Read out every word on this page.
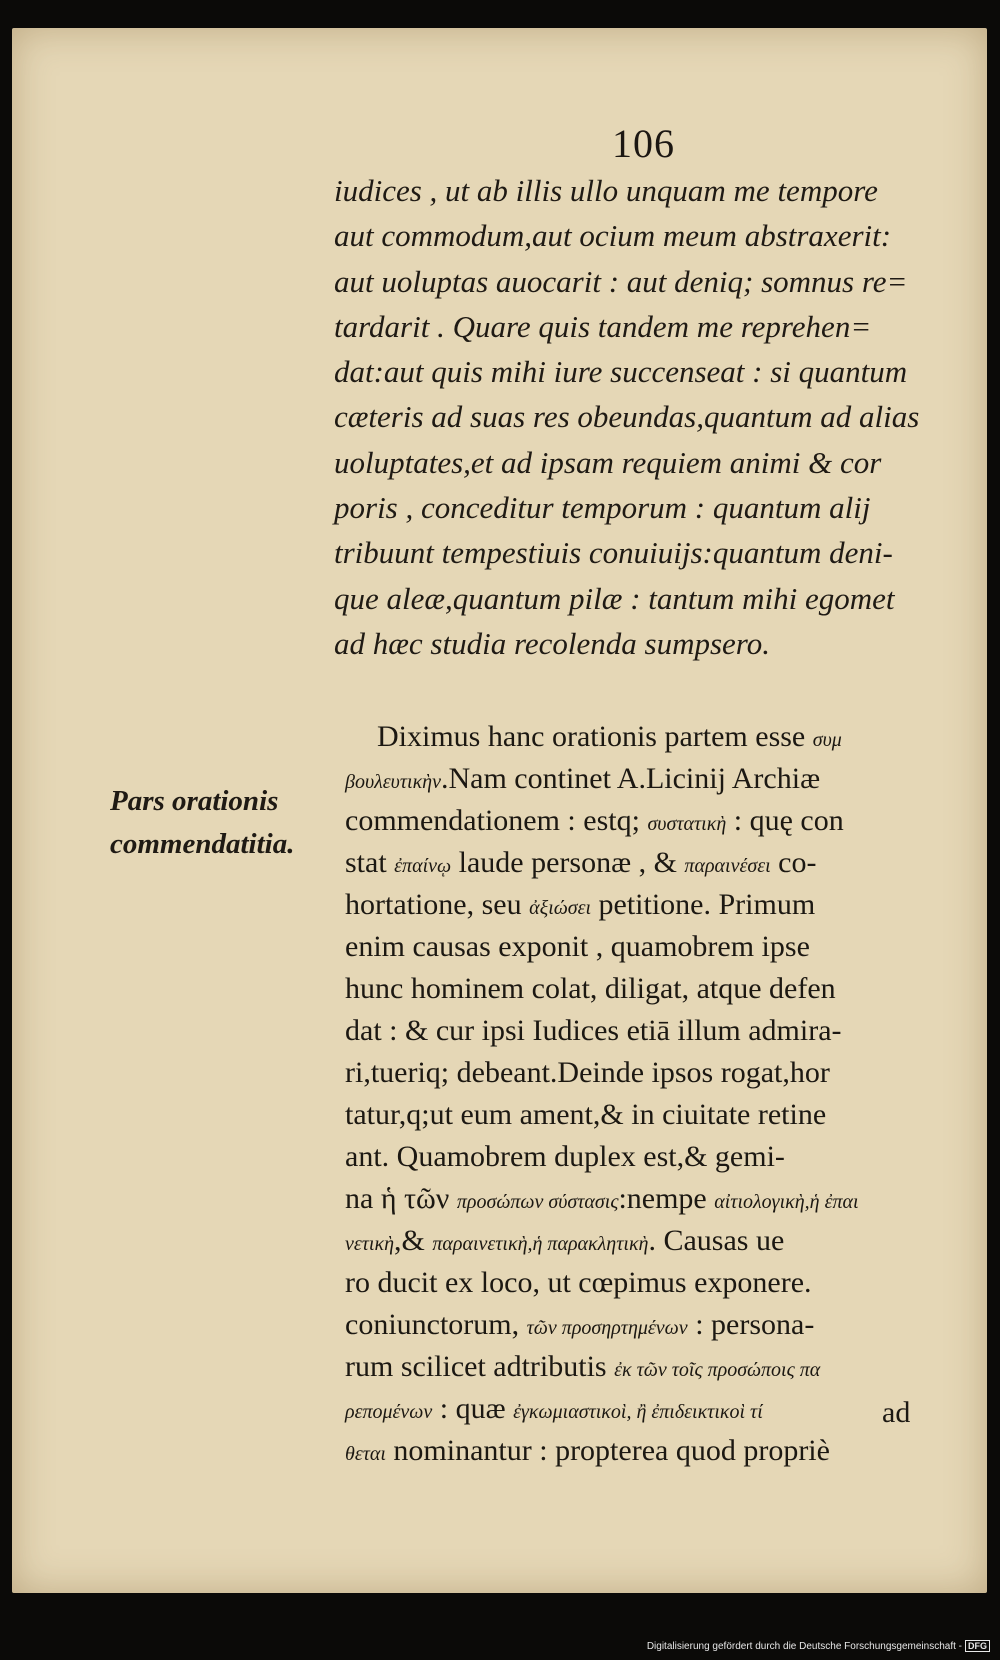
106
iudices , ut ab illis ullo unquam me tempore
aut commodum,aut ocium meum abstraxerit:
aut uoluptas auocarit : aut deniq; somnus re=
tardarit . Quare quis tandem me reprehen=
dat:aut quis mihi iure succenseat : si quantum
cæteris ad suas res obeundas,quantum ad alias
uoluptates,et ad ipsam requiem animi & cor
poris , conceditur temporum : quantum alij
tribuunt tempestiuis conuiuijs:quantum deni-
que aleæ,quantum pilæ : tantum mihi egomet
ad hæc studia recolenda sumpsero.
Pars orationis
commendatitia.
Diximus hanc orationis partem esse συμ
βουλευτικὴν.Nam continet A.Licinij Archiæ
commendationem : estq; συστατικὴ : quę con
stat ἐπαίνῳ laude personæ , & παραινέσει co-
hortatione, seu ἀξιώσει petitione. Primum
enim causas exponit , quamobrem ipse
hunc hominem colat, diligat, atque defen
dat : & cur ipsi Iudices etiā illum admira-
ri,tueriq; debeant.Deinde ipsos rogat,hor
tatur,q;ut eum ament,& in ciuitate retine
ant. Quamobrem duplex est,& gemi-
na ἡ τῶν προσώπων σύστασις:nempe αἰτιολογικὴ,ἡ ἐπαι
νετικὴ,& παραινετικὴ,ἡ παρακλητικὴ. Causas ue
ro ducit ex loco, ut cœpimus exponere.
coniunctorum, τῶν προσηρτημένων : persona-
rum scilicet adtributis ἐκ τῶν τοῖς προσώποις πα
ρεπομένων : quæ ἐγκωμιαστικοὶ, ἢ ἐπιδεικτικοὶ τί
θεται nominantur : propterea quod propriè
ad
Digitalisierung gefördert durch die Deutsche Forschungsgemeinschaft - DFG
